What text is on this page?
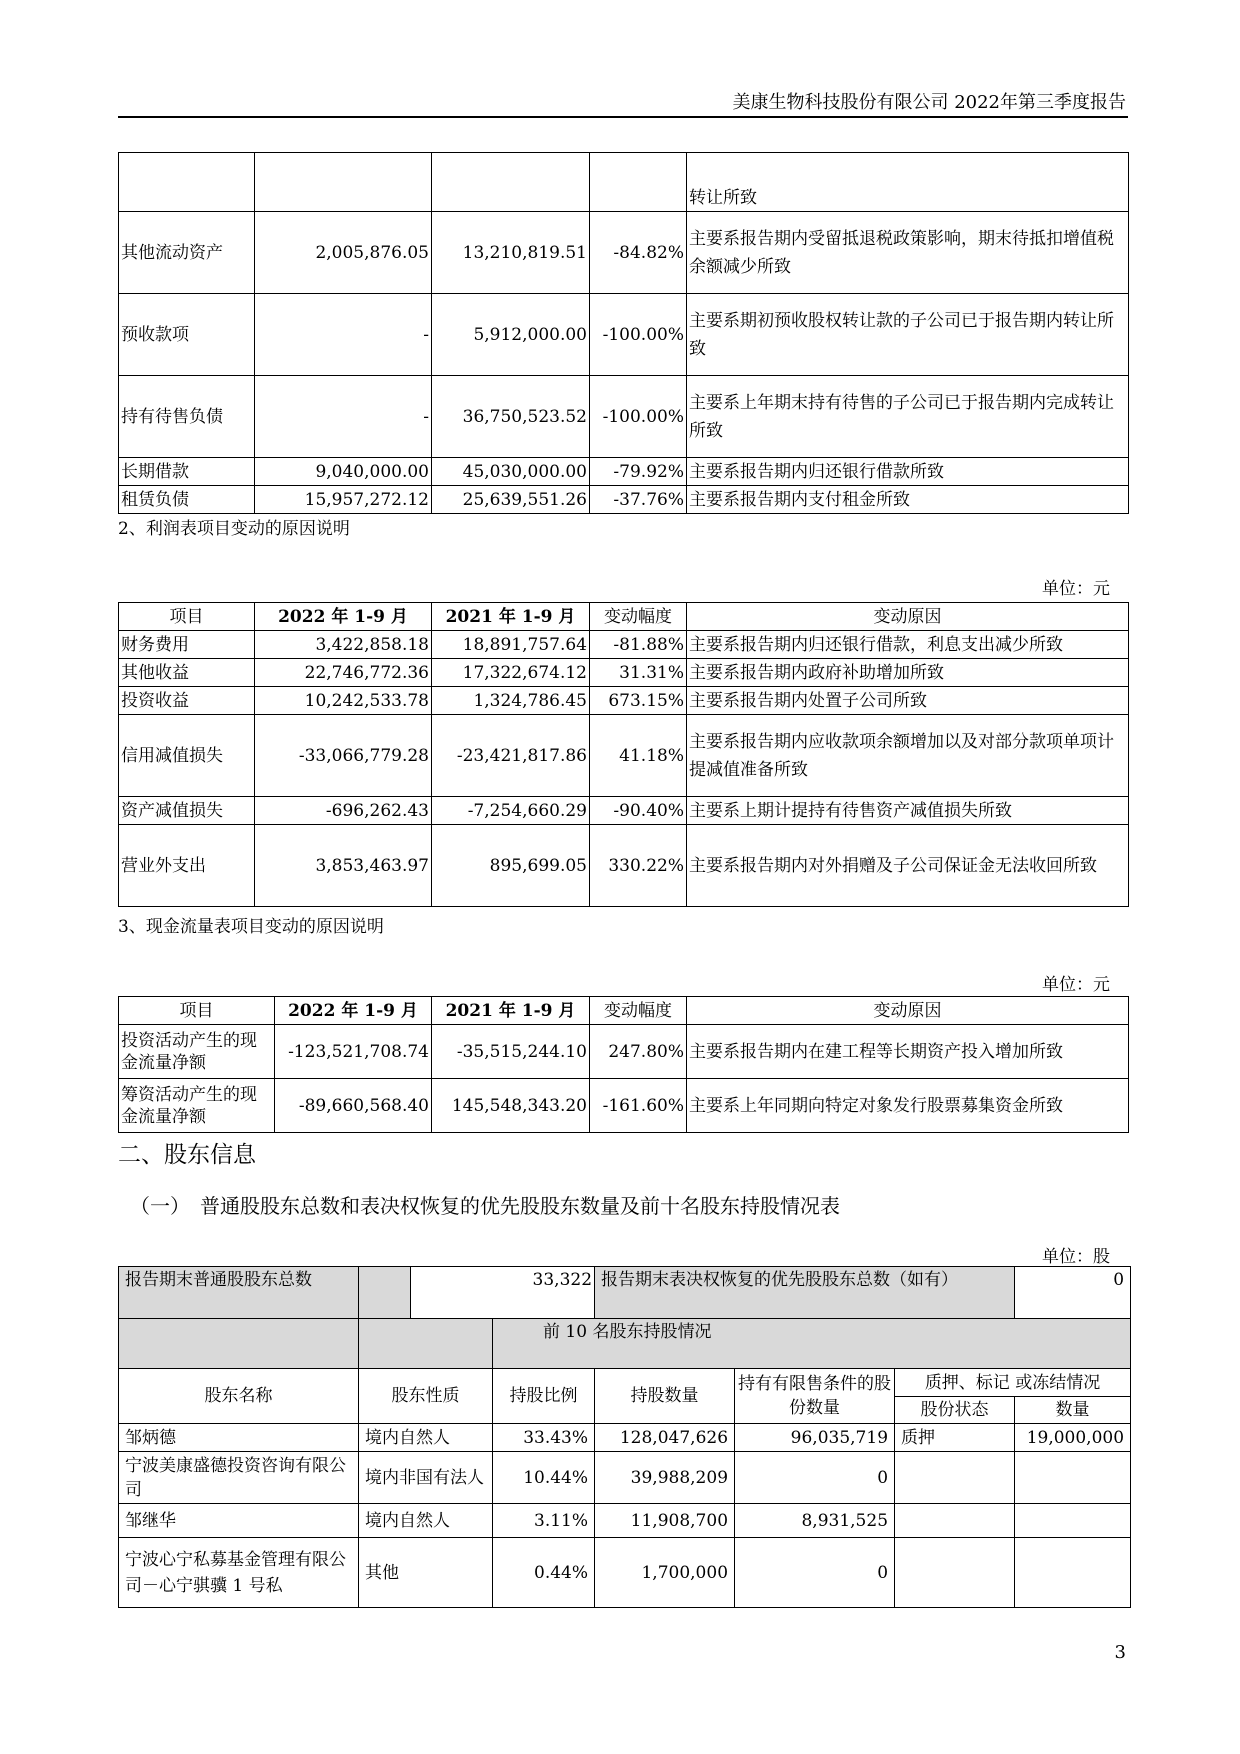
美康生物科技股份有限公司 2022年第三季度报告
				转让所致
其他流动资产	2,005,876.05	13,210,819.51	-84.82%	主要系报告期内受留抵退税政策影响，期末待抵扣增值税余额减少所致
预收款项	-	5,912,000.00	-100.00%	主要系期初预收股权转让款的子公司已于报告期内转让所致
持有待售负债	-	36,750,523.52	-100.00%	主要系上年期末持有待售的子公司已于报告期内完成转让所致
长期借款	9,040,000.00	45,030,000.00	-79.92%	主要系报告期内归还银行借款所致
租赁负债	15,957,272.12	25,639,551.26	-37.76%	主要系报告期内支付租金所致
2、利润表项目变动的原因说明
单位：元
项目	2022 年 1-9 月	2021 年 1-9 月	变动幅度	变动原因
财务费用	3,422,858.18	18,891,757.64	-81.88%	主要系报告期内归还银行借款，利息支出减少所致
其他收益	22,746,772.36	17,322,674.12	31.31%	主要系报告期内政府补助增加所致
投资收益	10,242,533.78	1,324,786.45	673.15%	主要系报告期内处置子公司所致
信用减值损失	-33,066,779.28	-23,421,817.86	41.18%	主要系报告期内应收款项余额增加以及对部分款项单项计提减值准备所致
资产减值损失	-696,262.43	-7,254,660.29	-90.40%	主要系上期计提持有待售资产减值损失所致
营业外支出	3,853,463.97	895,699.05	330.22%	主要系报告期内对外捐赠及子公司保证金无法收回所致
3、现金流量表项目变动的原因说明
单位：元
项目	2022 年 1-9 月	2021 年 1-9 月	变动幅度	变动原因
投资活动产生的现金流量净额	-123,521,708.74	-35,515,244.10	247.80%	主要系报告期内在建工程等长期资产投入增加所致
筹资活动产生的现金流量净额	-89,660,568.40	145,548,343.20	-161.60%	主要系上年同期向特定对象发行股票募集资金所致
二、股东信息
（一）　普通股股东总数和表决权恢复的优先股股东数量及前十名股东持股情况表
单位：股
报告期末普通股股东总数		33,322		报告期末表决权恢复的优先股股东总数（如有）			0
			前 10 名股东持股情况				
股东名称	股东性质		持股比例	持股数量	持有有限售条件的股份数量	质押、标记 或冻结情况	
						股份状态	数量
邹炳德	境内自然人		33.43%	128,047,626	96,035,719	质押	19,000,000
宁波美康盛德投资咨询有限公司	境内非国有法人		10.44%	39,988,209	0		
邹继华	境内自然人		3.11%	11,908,700	8,931,525		
宁波心宁私募基金管理有限公司－心宁骐骥 1 号私	其他		0.44%	1,700,000	0		
3
